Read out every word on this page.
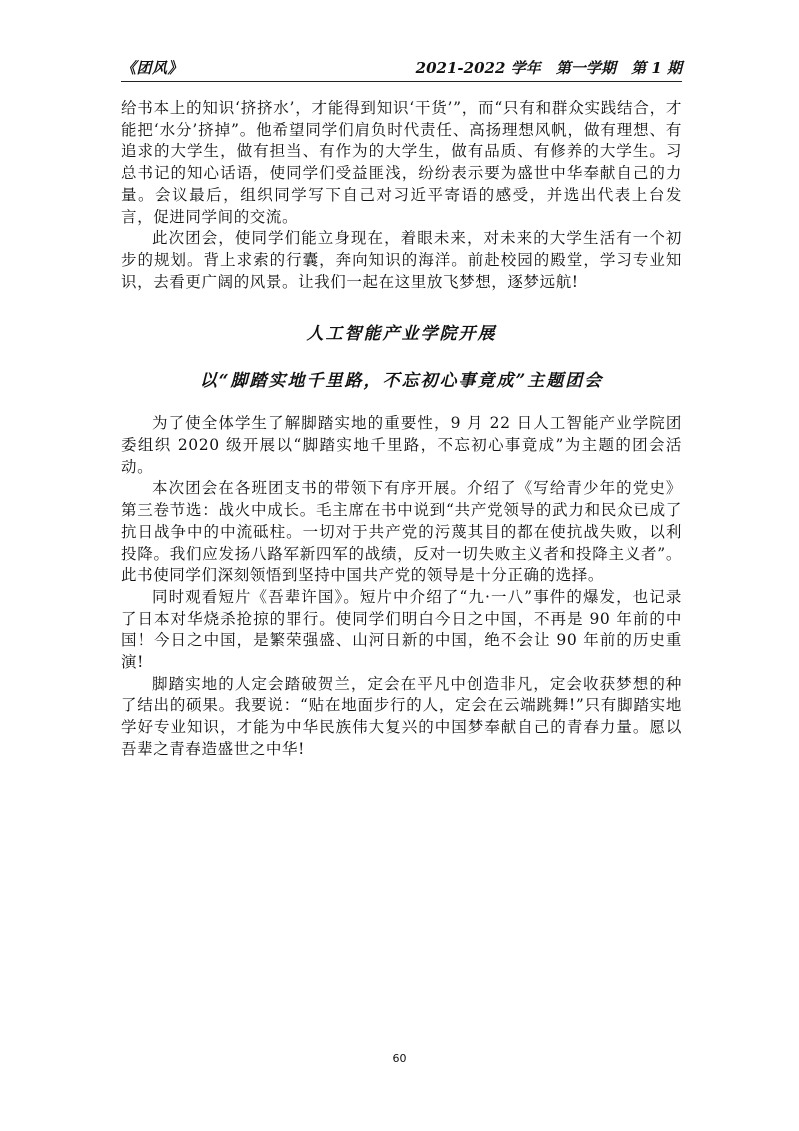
《团风》	2021-2022 学年 第一学期 第 1 期

给书本上的知识‘挤挤水’，才能得到知识‘干货’”，而“只有和群众实践结合，才能把‘水分’挤掉”。他希望同学们肩负时代责任、高扬理想风帆，做有理想、有追求的大学生，做有担当、有作为的大学生，做有品质、有修养的大学生。习总书记的知心话语，使同学们受益匪浅，纷纷表示要为盛世中华奉献自己的力量。会议最后，组织同学写下自己对习近平寄语的感受，并选出代表上台发言，促进同学间的交流。

此次团会，使同学们能立身现在，着眼未来，对未来的大学生活有一个初步的规划。背上求索的行囊，奔向知识的海洋。前赴校园的殿堂，学习专业知识，去看更广阔的风景。让我们一起在这里放飞梦想，逐梦远航!

人工智能产业学院开展

以“脚踏实地千里路，不忘初心事竟成”主题团会

为了使全体学生了解脚踏实地的重要性，9 月 22 日人工智能产业学院团委组织 2020 级开展以“脚踏实地千里路，不忘初心事竟成”为主题的团会活动。

本次团会在各班团支书的带领下有序开展。介绍了《写给青少年的党史》第三卷节选：战火中成长。毛主席在书中说到“共产党领导的武力和民众已成了抗日战争中的中流砥柱。一切对于共产党的污蔑其目的都在使抗战失败，以利投降。我们应发扬八路军新四军的战绩，反对一切失败主义者和投降主义者”。此书使同学们深刻领悟到坚持中国共产党的领导是十分正确的选择。

同时观看短片《吾辈许国》。短片中介绍了“九·一八”事件的爆发，也记录了日本对华烧杀抢掠的罪行。使同学们明白今日之中国，不再是 90 年前的中国！今日之中国，是繁荣强盛、山河日新的中国，绝不会让 90 年前的历史重演!

脚踏实地的人定会踏破贺兰，定会在平凡中创造非凡，定会收获梦想的种了结出的硕果。我要说：“贴在地面步行的人，定会在云端跳舞!”只有脚踏实地学好专业知识，才能为中华民族伟大复兴的中国梦奉献自己的青春力量。愿以吾辈之青春造盛世之中华!

60
